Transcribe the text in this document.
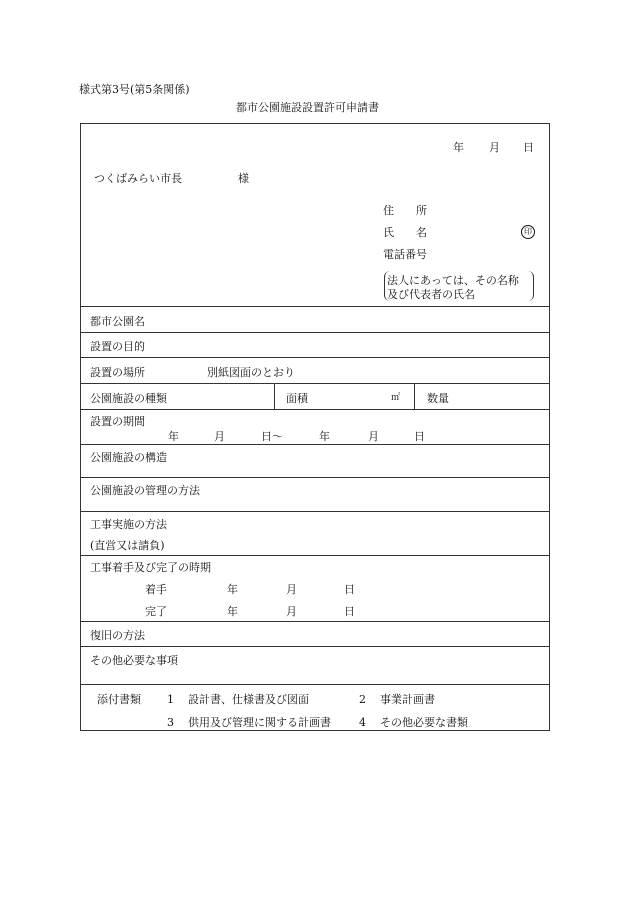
様式第3号(第5条関係)
都市公園施設設置許可申請書
年 月 日
つくばみらい市長	様
住　　所
氏　　名	印
電話番号
法人にあっては、その名称
及び代表者の氏名
都市公園名
設置の目的
設置の場所	別紙図面のとおり
公園施設の種類	面積	㎡ 数量
設置の期間
年	月	日〜	年	月	日
公園施設の構造
公園施設の管理の方法
工事実施の方法
(直営又は請負)
工事着手及び完了の時期
着手	年	月	日
完了	年	月	日
復旧の方法
その他必要な事項
添付書類 1 設計書、仕様書及び図面	2 事業計画書
3 供用及び管理に関する計画書	4 その他必要な書類
